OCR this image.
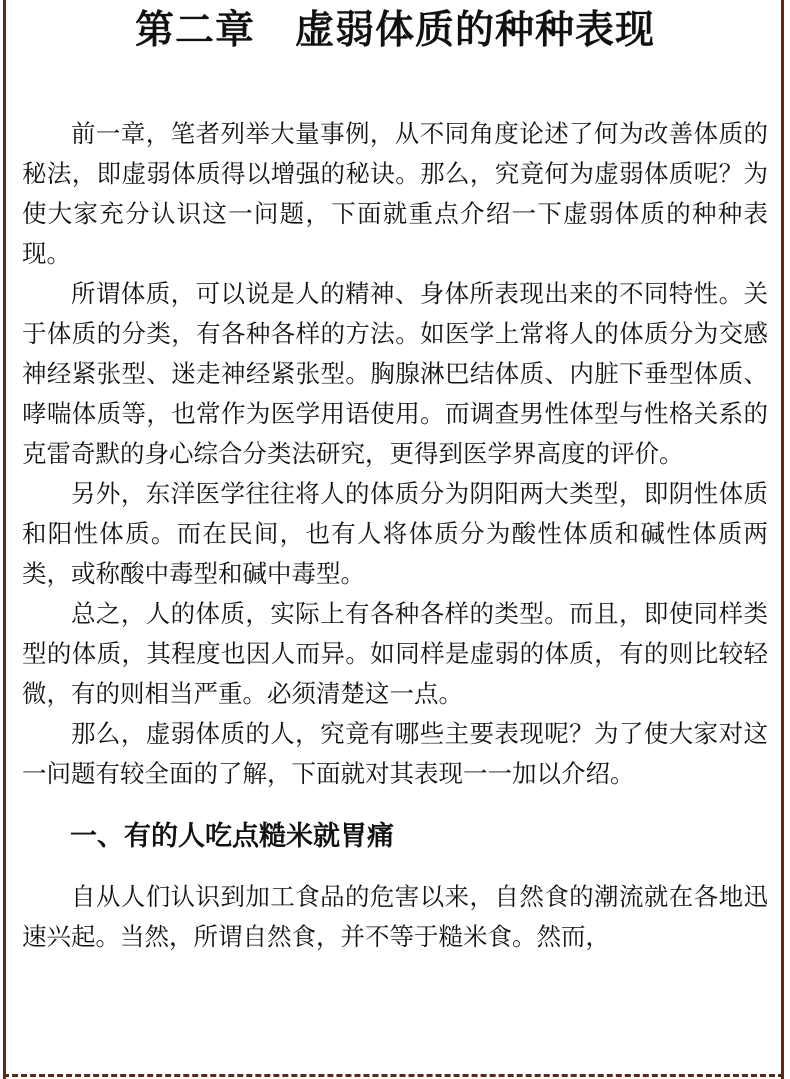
第二章 虚弱体质的种种表现

前一章，笔者列举大量事例，从不同角度论述了何为改善体质的秘法，即虚弱体质得以增强的秘诀。那么，究竟何为虚弱体质呢？为使大家充分认识这一问题，下面就重点介绍一下虚弱体质的种种表现。

所谓体质，可以说是人的精神、身体所表现出来的不同特性。关于体质的分类，有各种各样的方法。如医学上常将人的体质分为交感神经紧张型、迷走神经紧张型。胸腺淋巴结体质、内脏下垂型体质、哮喘体质等，也常作为医学用语使用。而调查男性体型与性格关系的克雷奇默的身心综合分类法研究，更得到医学界高度的评价。

另外，东洋医学往往将人的体质分为阴阳两大类型，即阴性体质和阳性体质。而在民间，也有人将体质分为酸性体质和碱性体质两类，或称酸中毒型和碱中毒型。

总之，人的体质，实际上有各种各样的类型。而且，即使同样类型的体质，其程度也因人而异。如同样是虚弱的体质，有的则比较轻微，有的则相当严重。必须清楚这一点。

那么，虚弱体质的人，究竟有哪些主要表现呢？为了使大家对这一问题有较全面的了解，下面就对其表现一一加以介绍。

一、有的人吃点糙米就胃痛

自从人们认识到加工食品的危害以来，自然食的潮流就在各地迅速兴起。当然，所谓自然食，并不等于糙米食。然而，
